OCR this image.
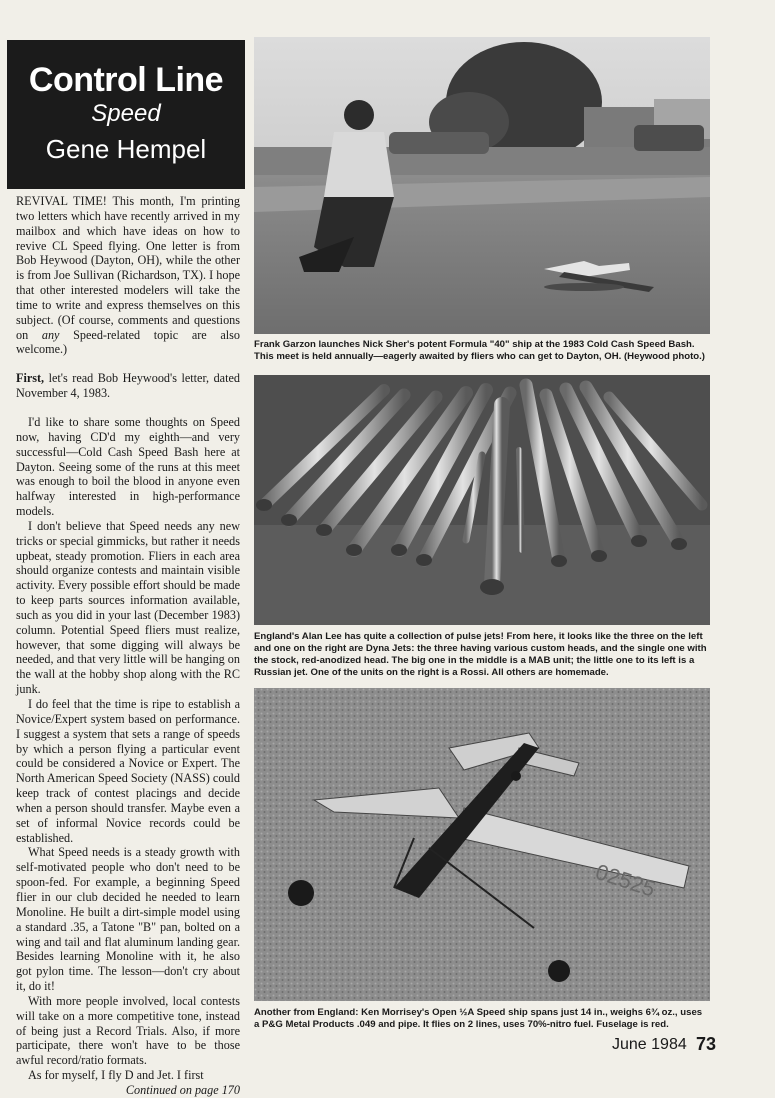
Control Line
Speed
Gene Hempel

REVIVAL TIME! This month, I'm printing two letters which have recently arrived in my mailbox and which have ideas on how to revive CL Speed flying. One letter is from Bob Heywood (Dayton, OH), while the other is from Joe Sullivan (Richardson, TX). I hope that other interested modelers will take the time to write and express themselves on this subject. (Of course, comments and questions on any Speed-related topic are also welcome.)

First, let's read Bob Heywood's letter, dated November 4, 1983.

I'd like to share some thoughts on Speed now, having CD'd my eighth—and very successful—Cold Cash Speed Bash here at Dayton. Seeing some of the runs at this meet was enough to boil the blood in anyone even halfway interested in high-performance models.

I don't believe that Speed needs any new tricks or special gimmicks, but rather it needs upbeat, steady promotion. Fliers in each area should organize contests and maintain visible activity. Every possible effort should be made to keep parts sources information available, such as you did in your last (December 1983) column. Potential Speed fliers must realize, however, that some digging will always be needed, and that very little will be hanging on the wall at the hobby shop along with the RC junk.

I do feel that the time is ripe to establish a Novice/Expert system based on performance. I suggest a system that sets a range of speeds by which a person flying a particular event could be considered a Novice or Expert. The North American Speed Society (NASS) could keep track of contest placings and decide when a person should transfer. Maybe even a set of informal Novice records could be established.

What Speed needs is a steady growth with self-motivated people who don't need to be spoon-fed. For example, a beginning Speed flier in our club decided he needed to learn Monoline. He built a dirt-simple model using a standard .35, a Tatone "B" pan, bolted on a wing and tail and flat aluminum landing gear. Besides learning Monoline with it, he also got pylon time. The lesson—don't cry about it, do it!

With more people involved, local contests will take on a more competitive tone, instead of being just a Record Trials. Also, if more participate, there won't have to be those awful record/ratio formats.

As for myself, I fly D and Jet. I first

Continued on page 170

Frank Garzon launches Nick Sher's potent Formula "40" ship at the 1983 Cold Cash Speed Bash. This meet is held annually—eagerly awaited by fliers who can get to Dayton, OH. (Heywood photo.)
England's Alan Lee has quite a collection of pulse jets! From here, it looks like the three on the left and one on the right are Dyna Jets: the three having various custom heads, and the single one with the stock, red-anodized head. The big one in the middle is a MAB unit; the little one to its left is a Russian jet. One of the units on the right is a Rossi. All others are homemade.
02525
Another from England: Ken Morrisey's Open ½A Speed ship spans just 14 in., weighs 6¾ oz., uses a P&G Metal Products .049 and pipe. It flies on 2 lines, uses 70%-nitro fuel. Fuselage is red.
June 1984 73
